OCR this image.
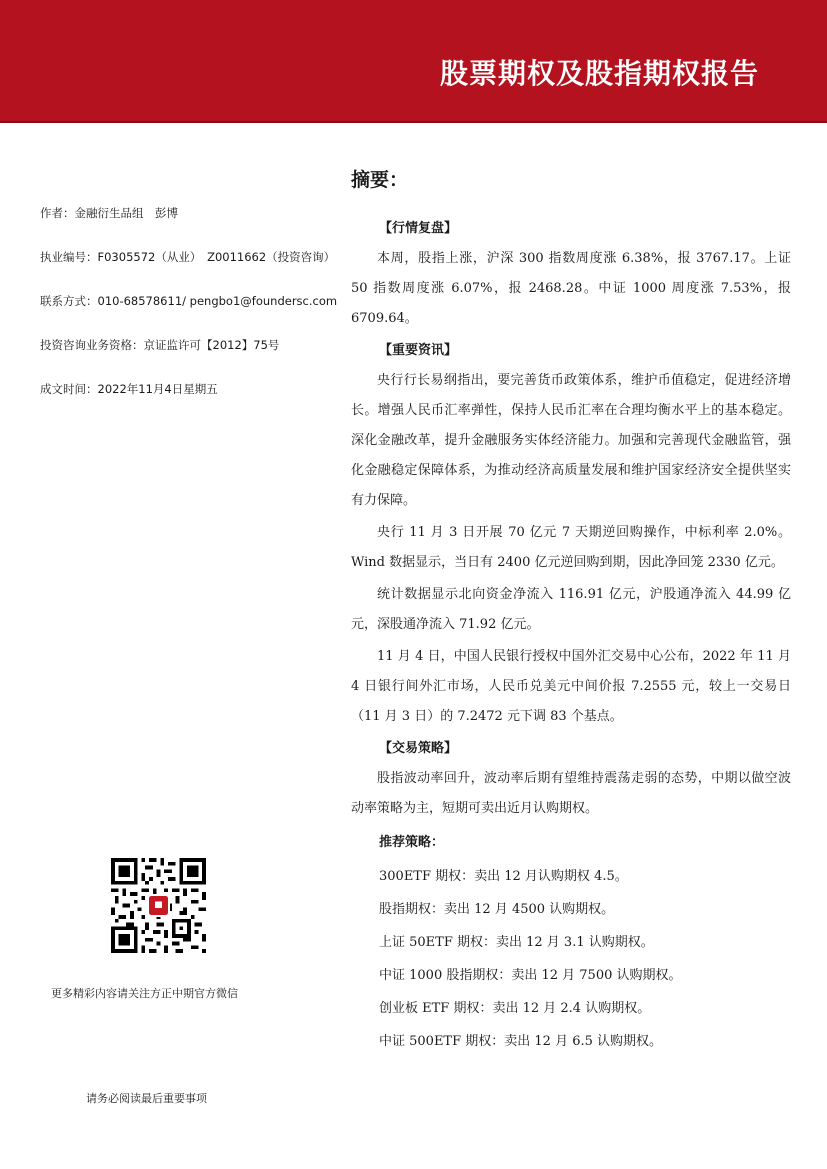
股票期权及股指期权报告
作者：金融衍生品组　彭博
执业编号：F0305572（从业）　Z0011662（投资咨询）
联系方式：010-68578611/ pengbo1@foundersc.com
投资咨询业务资格：京证监许可【2012】75号
成文时间：2022年11月4日星期五
更多精彩内容请关注方正中期官方微信
请务必阅读最后重要事项
摘要：
【行情复盘】
本周，股指上涨，沪深 300 指数周度涨 6.38%，报 3767.17。上证 50 指数周度涨 6.07%，报 2468.28。中证 1000 周度涨 7.53%，报 6709.64。
【重要资讯】
央行行长易纲指出，要完善货币政策体系，维护币值稳定，促进经济增长。增强人民币汇率弹性，保持人民币汇率在合理均衡水平上的基本稳定。深化金融改革，提升金融服务实体经济能力。加强和完善现代金融监管，强化金融稳定保障体系，为推动经济高质量发展和维护国家经济安全提供坚实有力保障。
央行 11 月 3 日开展 70 亿元 7 天期逆回购操作，中标利率 2.0%。Wind 数据显示，当日有 2400 亿元逆回购到期，因此净回笼 2330 亿元。
统计数据显示北向资金净流入 116.91 亿元，沪股通净流入 44.99 亿元，深股通净流入 71.92 亿元。
11 月 4 日，中国人民银行授权中国外汇交易中心公布，2022 年 11 月 4 日银行间外汇市场，人民币兑美元中间价报 7.2555 元，较上一交易日（11 月 3 日）的 7.2472 元下调 83 个基点。
【交易策略】
股指波动率回升，波动率后期有望维持震荡走弱的态势，中期以做空波动率策略为主，短期可卖出近月认购期权。
推荐策略：
300ETF 期权：卖出 12 月认购期权 4.5。
股指期权：卖出 12 月 4500 认购期权。
上证 50ETF 期权：卖出 12 月 3.1 认购期权。
中证 1000 股指期权：卖出 12 月 7500 认购期权。
创业板 ETF 期权：卖出 12 月 2.4 认购期权。
中证 500ETF 期权：卖出 12 月 6.5 认购期权。
